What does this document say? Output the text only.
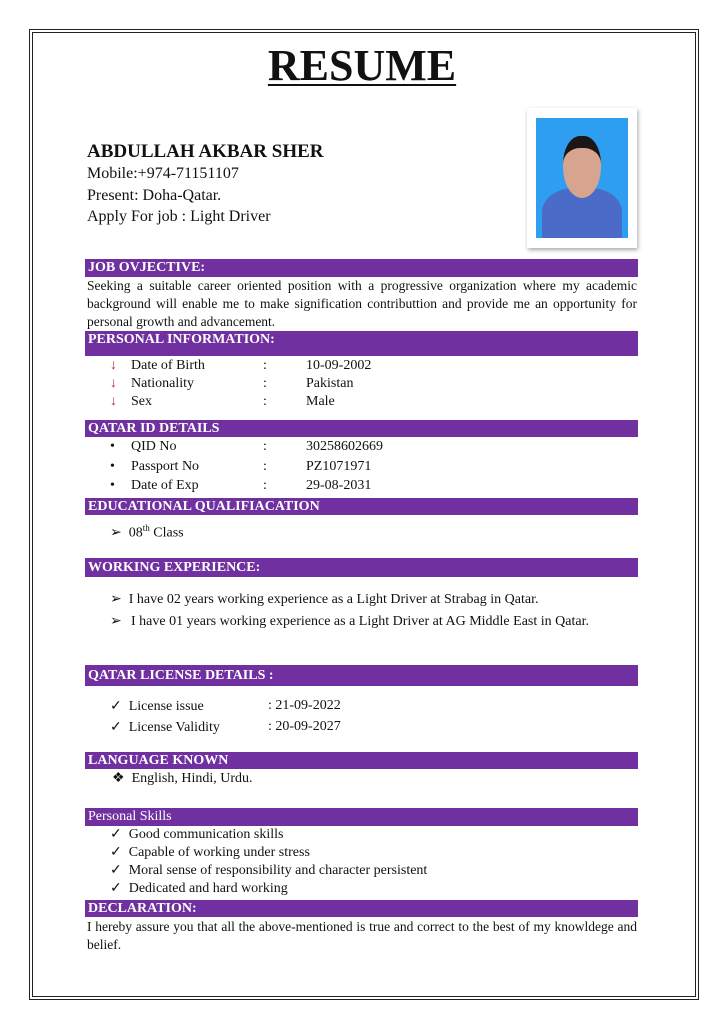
RESUME
ABDULLAH AKBAR SHER
Mobile:+974-71151107
Present: Doha-Qatar.
Apply For job : Light Driver
JOB OVJECTIVE:
Seeking a suitable career oriented position with a progressive organization where my academic background will enable me to make signification contributtion and provide me an opportunity for personal growth and advancement.
PERSONAL INFORMATION:
↓ Date of Birth	:	10-09-2002
↓ Nationality	:	Pakistan
↓ Sex	:	Male
QATAR ID DETAILS
• QID No	:	30258602669
• Passport No	:	PZ1071971
• Date of Exp	:	29-08-2031
EDUCATIONAL QUALIFIACATION
➢  08th Class
WORKING EXPERIENCE:
➢  I have 02 years working experience as a Light Driver at Strabag in Qatar.
➢ I have 01 years working experience as a Light Driver at AG Middle East in Qatar.
QATAR LICENSE DETAILS :
✓  License issue	: 21-09-2022
✓  License Validity	: 20-09-2027
LANGUAGE KNOWN
❖  English, Hindi, Urdu.
Personal Skills
✓  Good communication skills
✓  Capable of working under stress
✓  Moral sense of responsibility and character persistent
✓  Dedicated and hard working
DECLARATION:
I hereby assure you that all the above-mentioned is true and correct to the best of my knowldege and belief.
